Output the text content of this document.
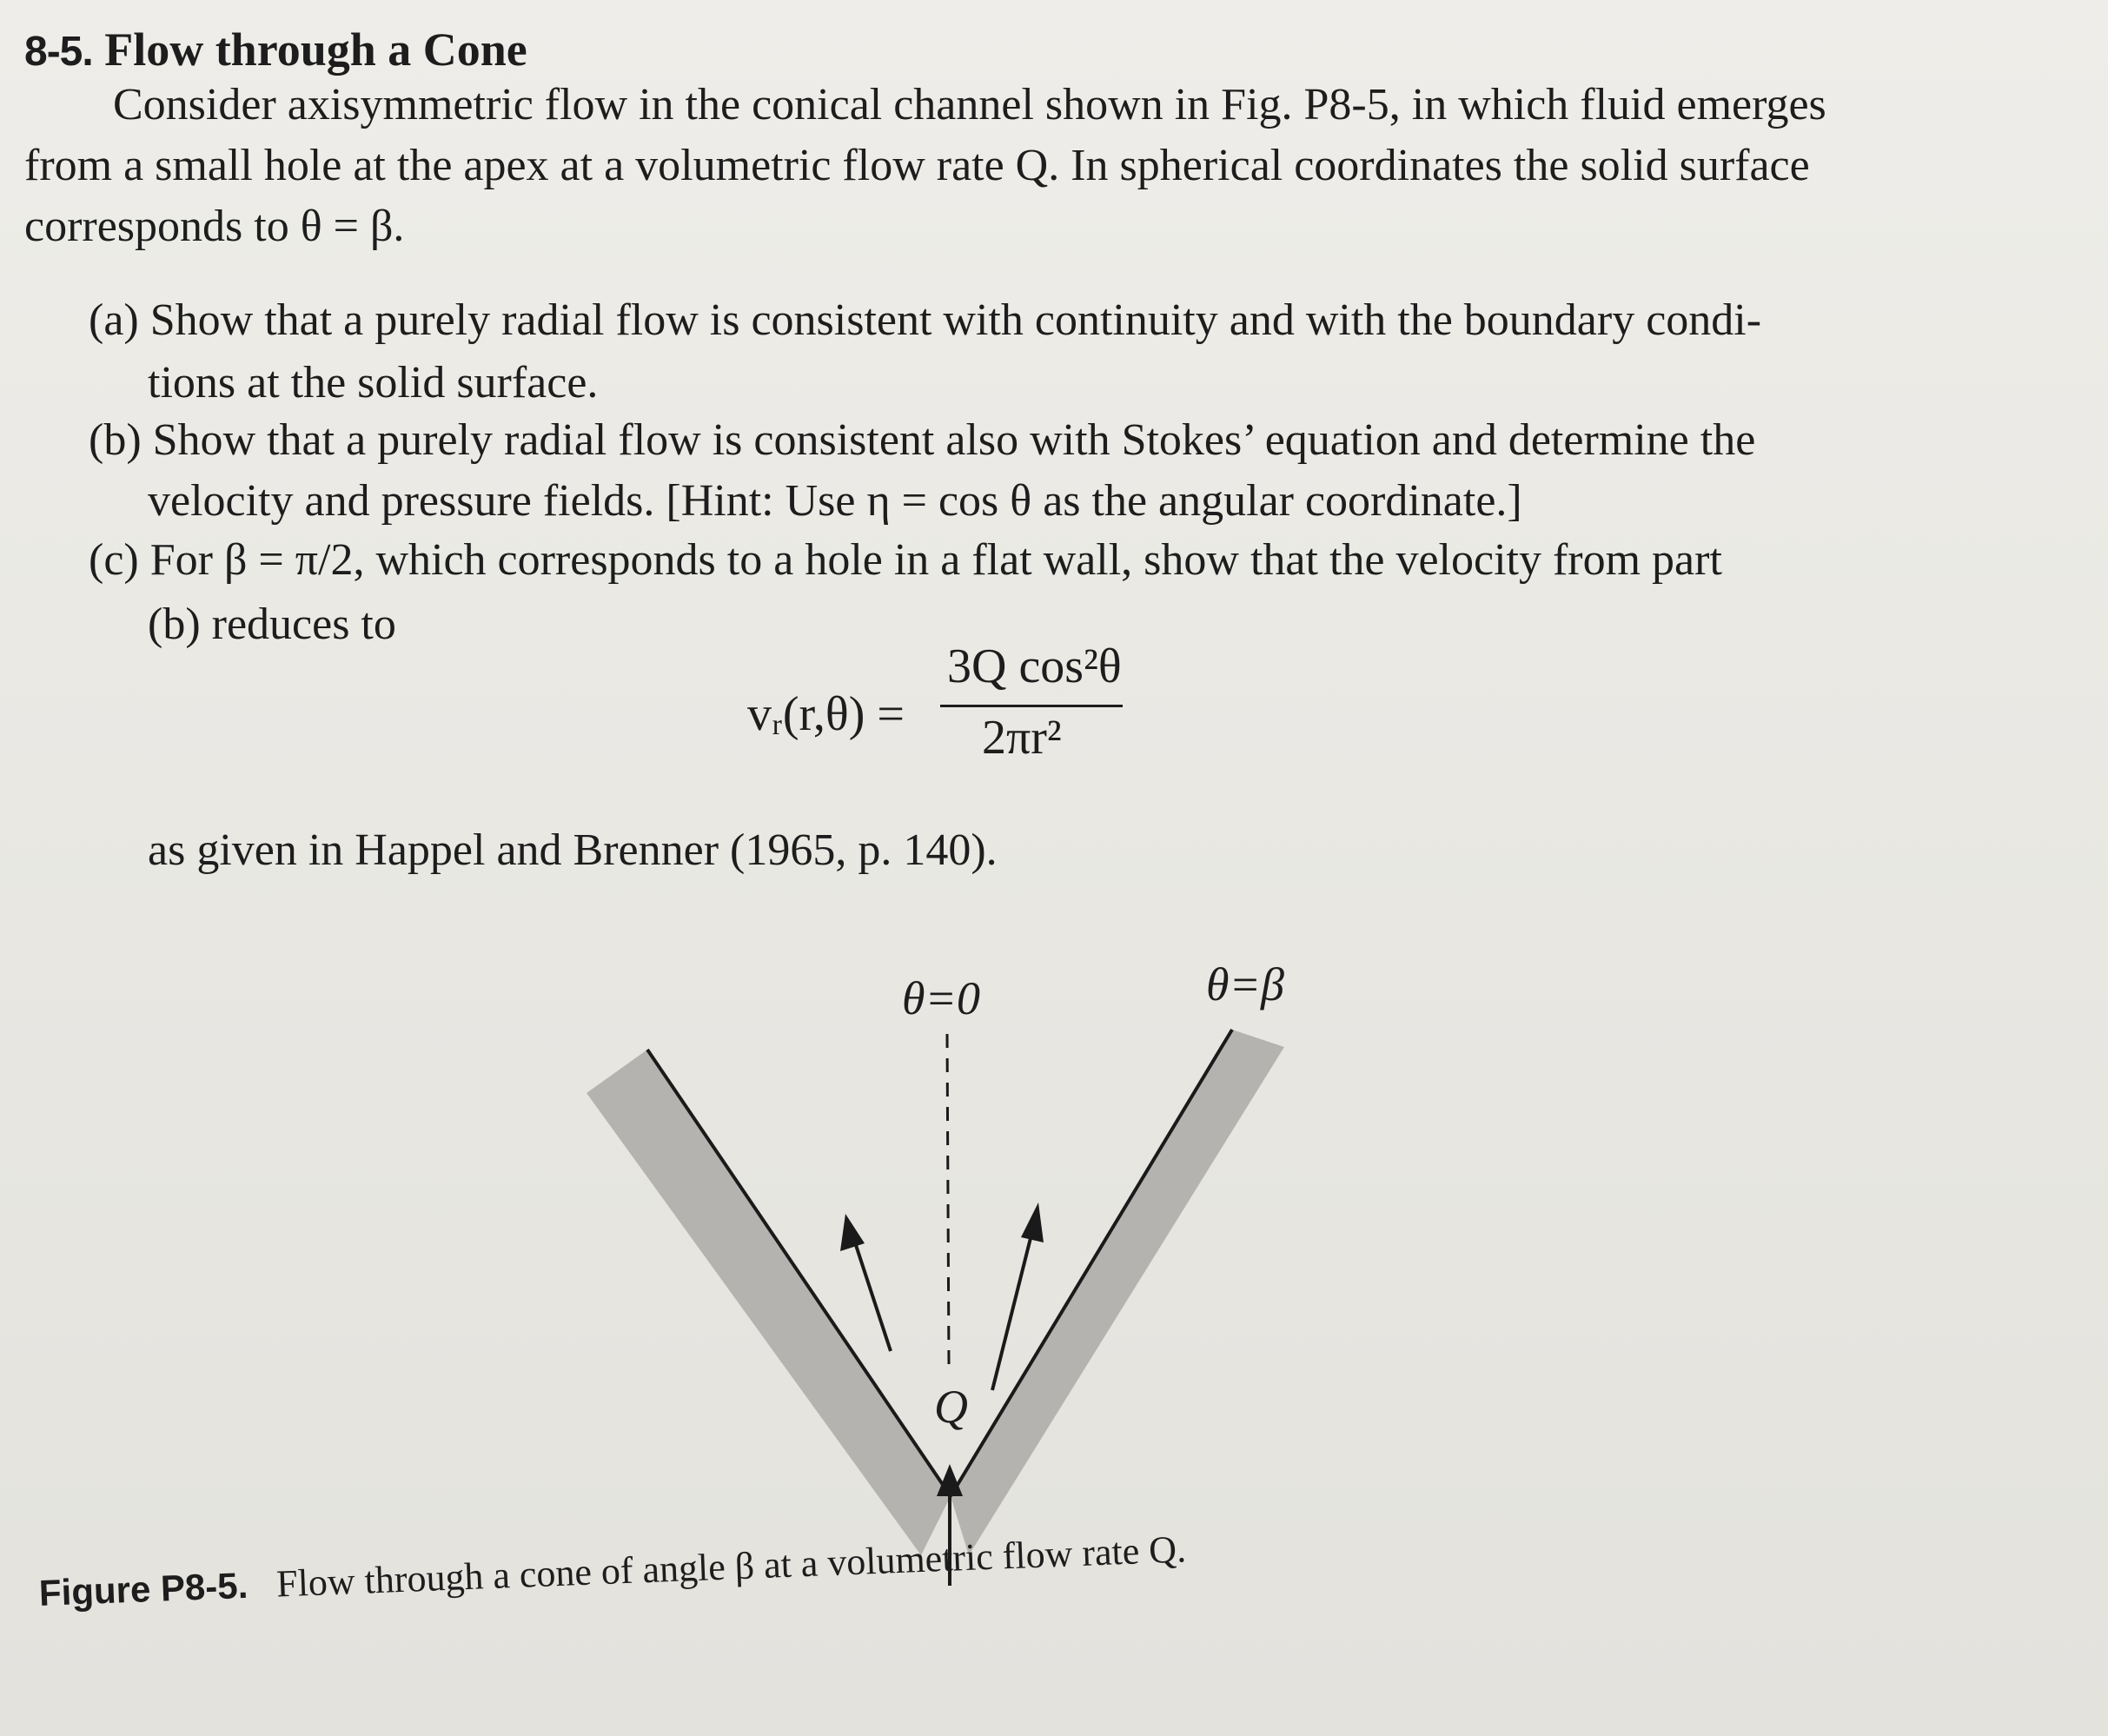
8-5. Flow through a Cone
Consider axisymmetric flow in the conical channel shown in Fig. P8-5, in which fluid emerges
from a small hole at the apex at a volumetric flow rate Q. In spherical coordinates the solid surface
corresponds to θ = β.
(a) Show that a purely radial flow is consistent with continuity and with the boundary condi-
tions at the solid surface.
(b) Show that a purely radial flow is consistent also with Stokes’ equation and determine the
velocity and pressure fields. [Hint: Use η = cos θ as the angular coordinate.]
(c) For β = π/2, which corresponds to a hole in a flat wall, show that the velocity from part
(b) reduces to
vᵣ(r,θ) =
3Q cos²θ
2πr²
as given in Happel and Brenner (1965, p. 140).
θ=0	θ=β
Q
Figure P8-5. Flow through a cone of angle β at a volumetric flow rate Q.
